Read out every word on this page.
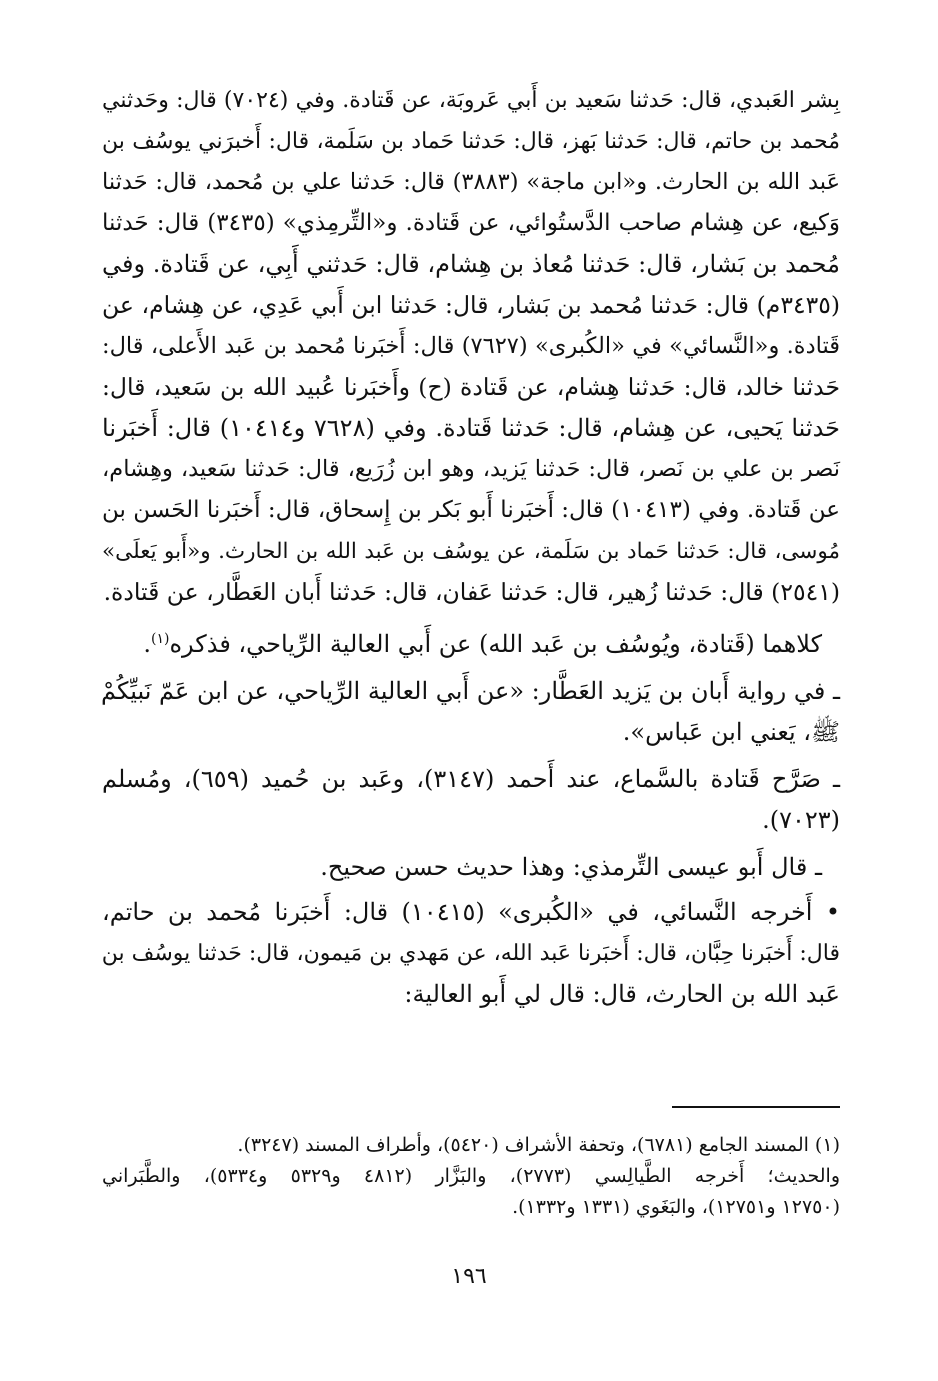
بِشر العَبدي، قال: حَدثنا سَعيد بن أَبي عَروبَة، عن قَتادة. وفي (٧٠٢٤) قال: وحَدثني

مُحمد بن حاتم، قال: حَدثنا بَهز، قال: حَدثنا حَماد بن سَلَمة، قال: أَخبرَني يوسُف بن

عَبد الله بن الحارث. و«ابن ماجة» (٣٨٨٣) قال: حَدثنا علي بن مُحمد، قال: حَدثنا

وَكيع، عن هِشام صاحب الدَّستُوائي، عن قَتادة. و«التِّرمِذي» (٣٤٣٥) قال: حَدثنا

مُحمد بن بَشار، قال: حَدثنا مُعاذ بن هِشام، قال: حَدثني أَبِي، عن قَتادة. وفي

(٣٤٣٥م) قال: حَدثنا مُحمد بن بَشار، قال: حَدثنا ابن أَبي عَدِي، عن هِشام، عن

قَتادة. و«النَّسائي» في «الكُبرى» (٧٦٢٧) قال: أَخبَرنا مُحمد بن عَبد الأَعلى، قال:

حَدثنا خالد، قال: حَدثنا هِشام، عن قَتادة (ح) وأَخبَرنا عُبيد الله بن سَعيد، قال:

حَدثنا يَحيى، عن هِشام، قال: حَدثنا قَتادة. وفي (٧٦٢٨ و١٠٤١٤) قال: أَخبَرنا

نَصر بن علي بن نَصر، قال: حَدثنا يَزيد، وهو ابن زُرَيع، قال: حَدثنا سَعيد، وهِشام،

عن قَتادة. وفي (١٠٤١٣) قال: أَخبَرنا أَبو بَكر بن إِسحاق، قال: أَخبَرنا الحَسن بن

مُوسى، قال: حَدثنا حَماد بن سَلَمة، عن يوسُف بن عَبد الله بن الحارث. و«أَبو يَعلَى»

(٢٥٤١) قال: حَدثنا زُهير، قال: حَدثنا عَفان، قال: حَدثنا أَبان العَطَّار، عن قَتادة.

كلاهما (قَتادة، ويُوسُف بن عَبد الله) عن أَبي العالية الرِّياحي، فذكره$^{(١)}$.

ـ في رواية أَبان بن يَزيد العَطَّار: «عن أَبي العالية الرِّياحي، عن ابن عَمّ نَبيِّكُمْ

ﷺ، يَعني ابن عَباس».

ـ صَرَّح قَتادة بالسَّماع، عند أَحمد (٣١٤٧)، وعَبد بن حُميد (٦٥٩)، ومُسلم

(٧٠٢٣).

ـ قال أَبو عيسى التِّرمذي: وهذا حديث حسن صحيح.

• أَخرجه النَّسائي، في «الكُبرى» (١٠٤١٥) قال: أَخبَرنا مُحمد بن حاتم،

قال: أَخبَرنا حِبَّان، قال: أَخبَرنا عَبد الله، عن مَهدي بن مَيمون، قال: حَدثنا يوسُف بن

عَبد الله بن الحارث، قال: قال لي أَبو العالية:

(١) المسند الجامع (٦٧٨١)، وتحفة الأشراف (٥٤٢٠)، وأطراف المسند (٣٢٤٧).

والحديث؛ أَخرجه الطَّيالِسي (٢٧٧٣)، والبَزَّار (٤٨١٢ و٥٣٢٩ و٥٣٣٤)، والطَّبَراني

(١٢٧٥٠ و١٢٧٥١)، والبَغَوي (١٣٣١ و١٣٣٢).

١٩٦
